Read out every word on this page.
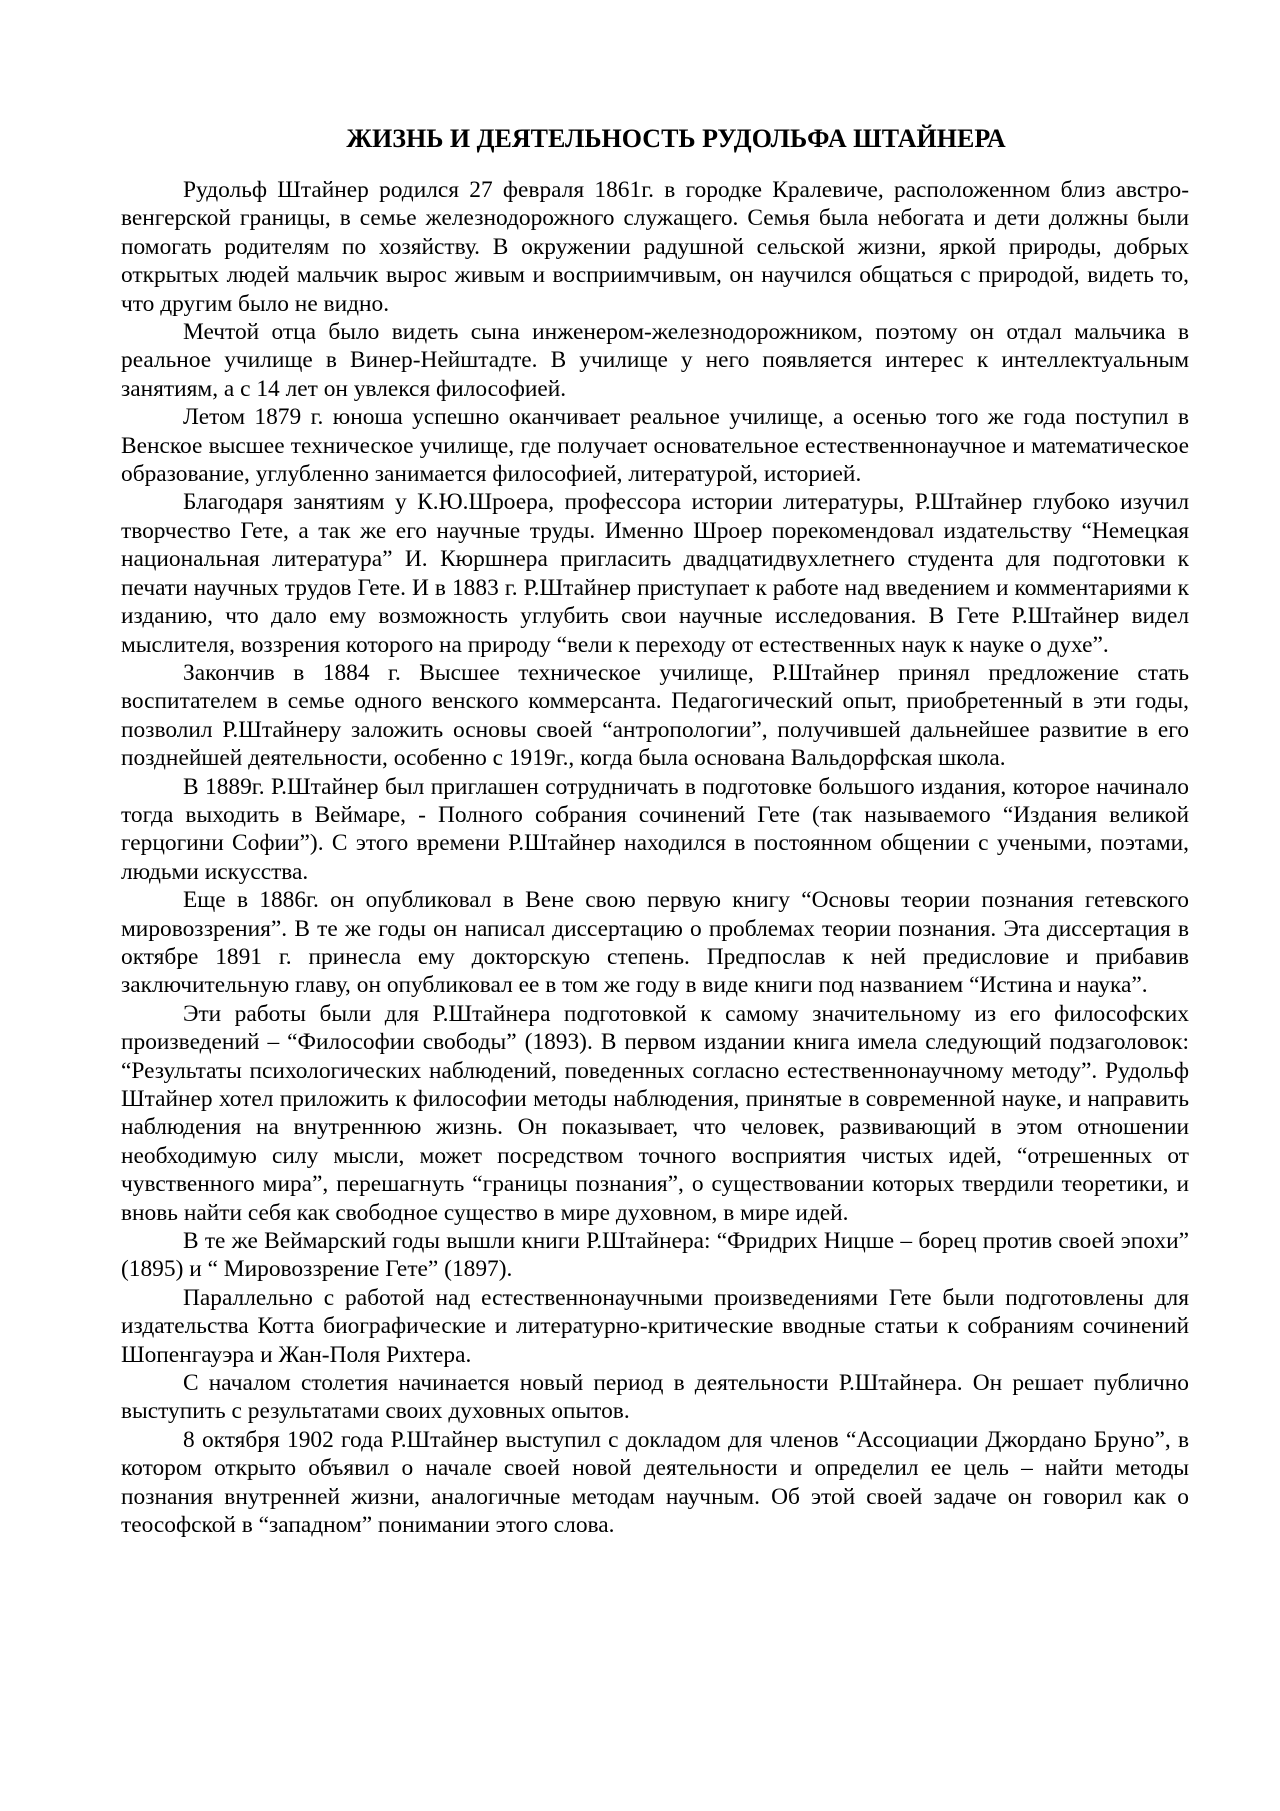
ЖИЗНЬ И ДЕЯТЕЛЬНОСТЬ РУДОЛЬФА ШТАЙНЕРА

Рудольф Штайнер родился 27 февраля 1861г. в городке Кралевиче, расположенном близ австро-венгерской границы, в семье железнодорожного служащего. Семья была небогата и дети должны были помогать родителям по хозяйству. В окружении радушной сельской жизни, яркой природы, добрых открытых людей мальчик вырос живым и восприимчивым, он научился общаться с природой, видеть то, что другим было не видно.

Мечтой отца было видеть сына инженером-железнодорожником, поэтому он отдал мальчика в реальное училище в Винер-Нейштадте. В училище у него появляется интерес к интеллектуальным занятиям, а с 14 лет он увлекся философией.

Летом 1879 г. юноша успешно оканчивает реальное училище, а осенью того же года поступил в Венское высшее техническое училище, где получает основательное естественнонаучное и математическое образование, углубленно занимается философией, литературой, историей.

Благодаря занятиям у К.Ю.Шроера, профессора истории литературы, Р.Штайнер глубоко изучил творчество Гете, а так же его научные труды. Именно Шроер порекомендовал издательству “Немецкая национальная литература” И. Кюршнера пригласить двадцатидвухлетнего студента для подготовки к печати научных трудов Гете. И в 1883 г. Р.Штайнер приступает к работе над введением и комментариями к изданию, что дало ему возможность углубить свои научные исследования. В Гете Р.Штайнер видел мыслителя, воззрения которого на природу “вели к переходу от естественных наук к науке о духе”.

Закончив в 1884 г. Высшее техническое училище, Р.Штайнер принял предложение стать воспитателем в семье одного венского коммерсанта. Педагогический опыт, приобретенный в эти годы, позволил Р.Штайнеру заложить основы своей “антропологии”, получившей дальнейшее развитие в его позднейшей деятельности, особенно с 1919г., когда была основана Вальдорфская школа.

В 1889г. Р.Штайнер был приглашен сотрудничать в подготовке большого издания, которое начинало тогда выходить в Веймаре, - Полного собрания сочинений Гете (так называемого “Издания великой герцогини Софии”). С этого времени Р.Штайнер находился в постоянном общении с учеными, поэтами, людьми искусства.

Еще в 1886г. он опубликовал в Вене свою первую книгу “Основы теории познания гетевского мировоззрения”. В те же годы он написал диссертацию о проблемах теории познания. Эта диссертация в октябре 1891 г. принесла ему докторскую степень. Предпослав к ней предисловие и прибавив заключительную главу, он опубликовал ее в том же году в виде книги под названием “Истина и наука”.

Эти работы были для Р.Штайнера подготовкой к самому значительному из его философских произведений – “Философии свободы” (1893). В первом издании книга имела следующий подзаголовок: “Результаты психологических наблюдений, поведенных согласно естественнонаучному методу”. Рудольф Штайнер хотел приложить к философии методы наблюдения, принятые в современной науке, и направить наблюдения на внутреннюю жизнь. Он показывает, что человек, развивающий в этом отношении необходимую силу мысли, может посредством точного восприятия чистых идей, “отрешенных от чувственного мира”, перешагнуть “границы познания”, о существовании которых твердили теоретики, и вновь найти себя как свободное существо в мире духовном, в мире идей.

В те же Веймарский годы вышли книги Р.Штайнера: “Фридрих Ницше – борец против своей эпохи” (1895) и “ Мировоззрение Гете” (1897).

Параллельно с работой над естественнонаучными произведениями Гете были подготовлены для издательства Котта биографические и литературно-критические вводные статьи к собраниям сочинений Шопенгауэра и Жан-Поля Рихтера.

С началом столетия начинается новый период в деятельности Р.Штайнера. Он решает публично выступить с результатами своих духовных опытов.

8 октября 1902 года Р.Штайнер выступил с докладом для членов “Ассоциации Джордано Бруно”, в котором открыто объявил о начале своей новой деятельности и определил ее цель – найти методы познания внутренней жизни, аналогичные методам научным. Об этой своей задаче он говорил как о теософской в “западном” понимании этого слова.
